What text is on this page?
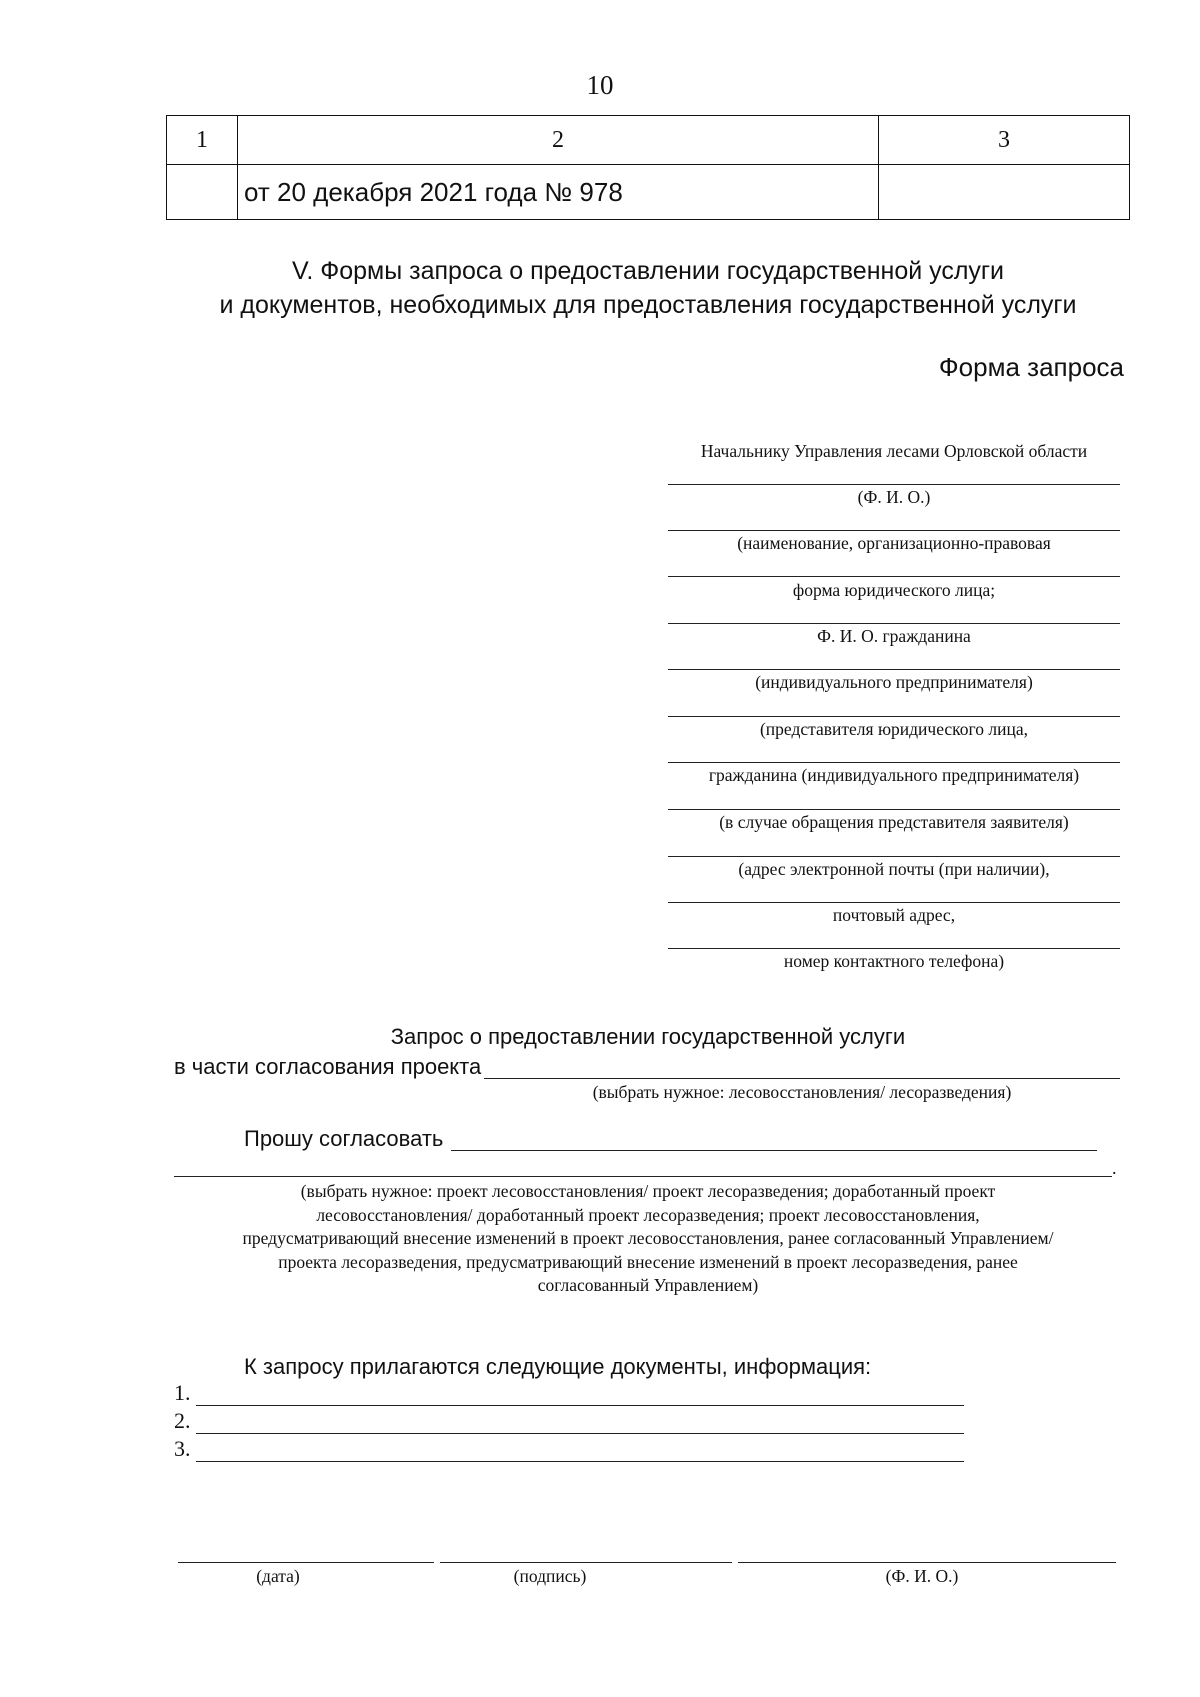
10
1	2	3
	от 20 декабря 2021 года № 978	
V. Формы запроса о предоставлении государственной услуги
и документов, необходимых для предоставления государственной услуги
Форма запроса
Начальнику Управления лесами Орловской области
(Ф. И. О.)
(наименование, организационно-правовая
форма юридического лица;
Ф. И. О. гражданина
(индивидуального предпринимателя)
(представителя юридического лица,
гражданина (индивидуального предпринимателя)
(в случае обращения представителя заявителя)
(адрес электронной почты (при наличии),
почтовый адрес,
номер контактного телефона)
Запрос о предоставлении государственной услуги
в части согласования проекта
(выбрать нужное: лесовосстановления/ лесоразведения)
Прошу согласовать
.
(выбрать нужное: проект лесовосстановления/ проект лесоразведения; доработанный проект
лесовосстановления/ доработанный проект лесоразведения; проект лесовосстановления,
предусматривающий внесение изменений в проект лесовосстановления, ранее согласованный Управлением/
проекта лесоразведения, предусматривающий внесение изменений в проект лесоразведения, ранее
согласованный Управлением)
К запросу прилагаются следующие документы, информация:
1.
2.
3.
(дата)	(подпись)	(Ф. И. О.)
